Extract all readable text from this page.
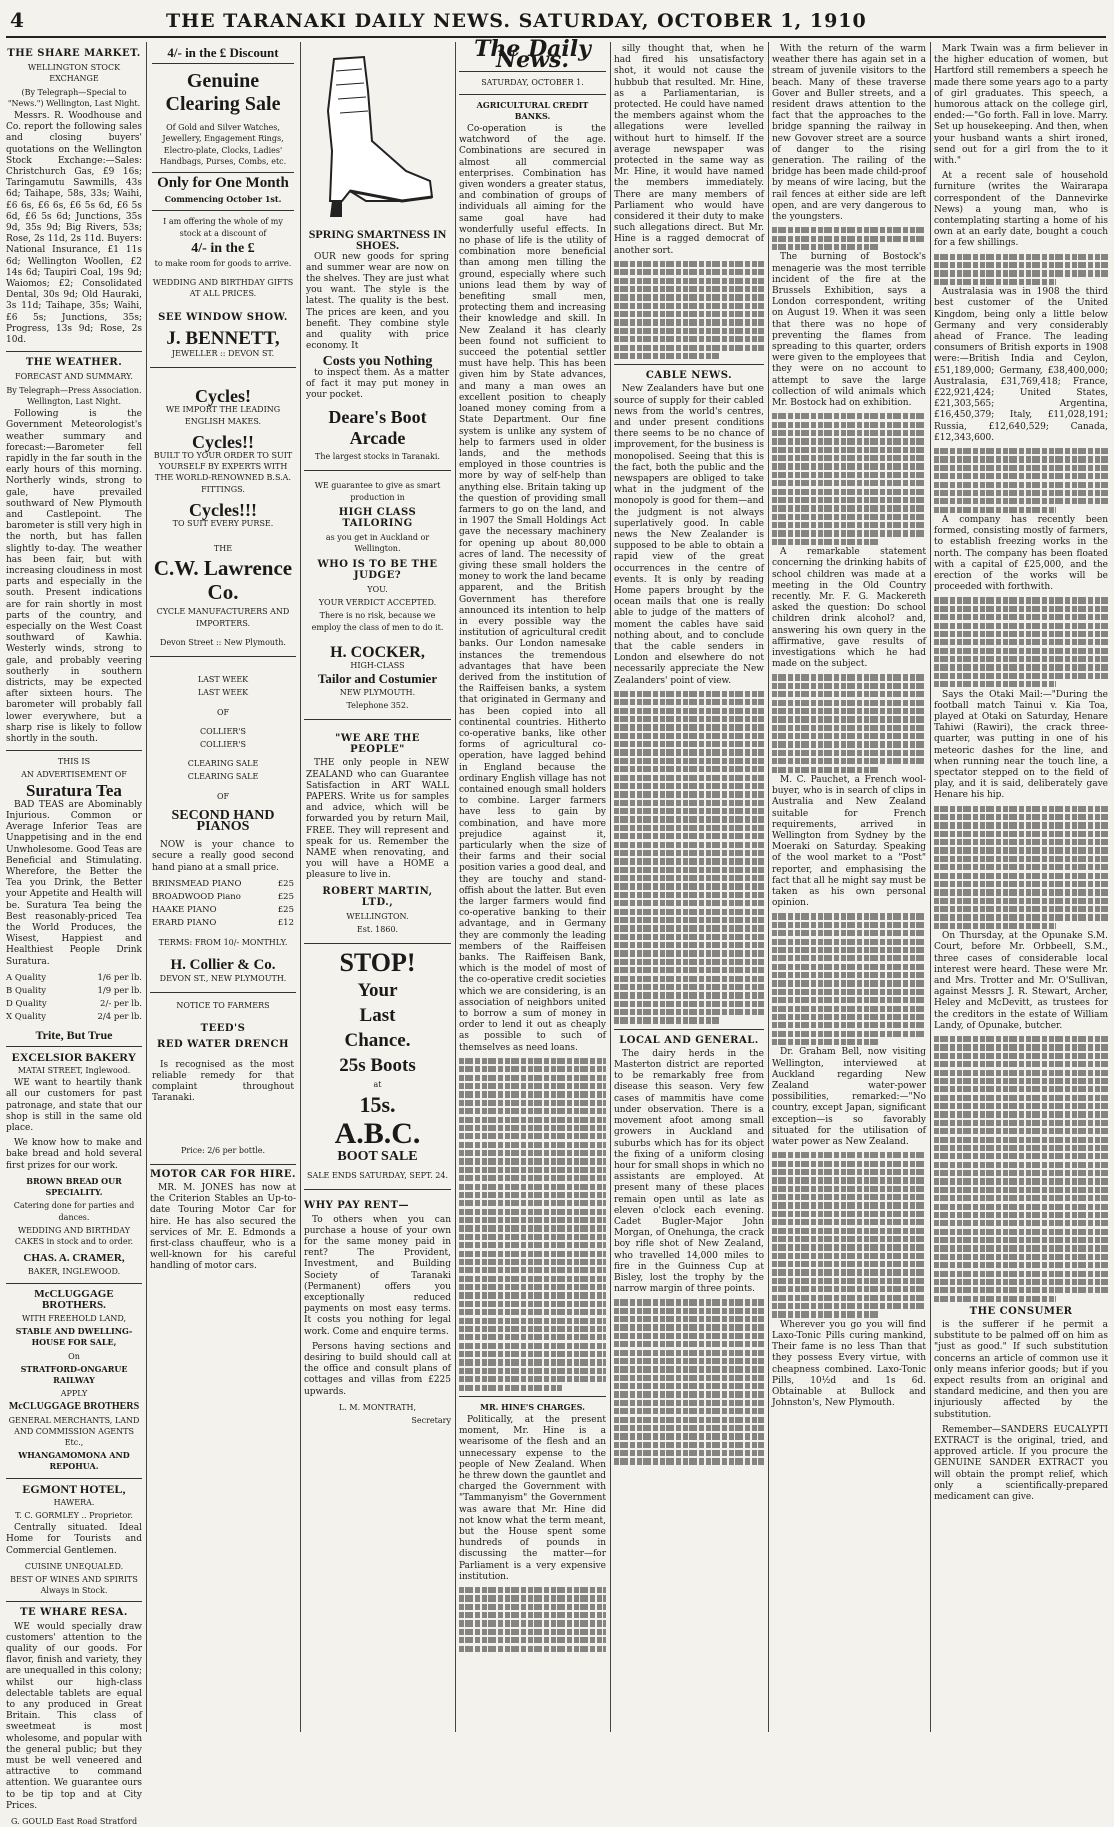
4	THE TARANAKI DAILY NEWS. SATURDAY, OCTOBER 1, 1910
THE SHARE MARKET.
WELLINGTON STOCK EXCHANGE
(By Telegraph—Special to "News.") Wellington, Last Night.

Messrs. R. Woodhouse and Co. report the following sales and closing buyers' quotations on the Wellington Stock Exchange:—Sales: Christchurch Gas, £9 16s; Taringamutu Sawmills, 43s 6d; Taihape, 58s, 33s; Waihi, £6 6s, £6 6s, £6 5s 6d, £6 5s 6d, £6 5s 6d; Junctions, 35s 9d, 35s 9d; Big Rivers, 53s; Rose, 2s 11d, 2s 11d. Buyers: National Insurance, £1 11s 6d; Wellington Woollen, £2 14s 6d; Taupiri Coal, 19s 9d; Waiomos; £2; Consolidated Dental, 30s 9d; Old Hauraki, 3s 11d; Taihape, 35s; Waihi, £6 5s; Junctions, 35s; Progress, 13s 9d; Rose, 2s 10d.

THE WEATHER.
FORECAST AND SUMMARY.
By Telegraph—Press Association. Wellington, Last Night.

Following is the Government Meteorologist's weather summary and forecast:—Barometer fell rapidly in the far south in the early hours of this morning. Northerly winds, strong to gale, have prevailed southward of New Plymouth and Castlepoint. The barometer is still very high in the north, but has fallen slightly to-day. The weather has been fair, but with increasing cloudiness in most parts and especially in the south. Present indications are for rain shortly in most parts of the country, and especially on the West Coast southward of Kawhia. Westerly winds, strong to gale, and probably veering southerly in southern districts, may be expected after sixteen hours. The barometer will probably fall lower everywhere, but a sharp rise is likely to follow shortly in the south.

THIS IS
AN ADVERTISEMENT OF
Suratura Tea

BAD TEAS are Abominably Injurious. Common or Average Inferior Teas are Unappetising and in the end Unwholesome. Good Teas are Beneficial and Stimulating. Wherefore, the Better the Tea you Drink, the Better your Appetite and Health will be. Suratura Tea being the Best reasonably-priced Tea the World Produces, the Wisest, Happiest and Healthiest People Drink Suratura.

A Quality	1/6 per lb.
B Quality	1/9 per lb.
D Quality	2/- per lb.
X Quality	2/4 per lb.
Trite, But True
EXCELSIOR BAKERY
MATAI STREET, Inglewood.

WE want to heartily thank all our customers for past patronage, and state that our shop is still in the same old place.

We know how to make and bake bread and hold several first prizes for our work.

BROWN BREAD OUR SPECIALITY.
Catering done for parties and dances.
WEDDING AND BIRTHDAY CAKES in stock and to order.
CHAS. A. CRAMER,
BAKER, INGLEWOOD.
McCLUGGAGE BROTHERS.
WITH FREEHOLD LAND,
STABLE AND DWELLING-HOUSE FOR SALE,
On
STRATFORD-ONGARUE RAILWAY
APPLY
McCLUGGAGE BROTHERS
GENERAL MERCHANTS, LAND AND COMMISSION AGENTS Etc.,
WHANGAMOMONA AND REPOHUA.
EGMONT HOTEL,
HAWERA.
T. C. GORMLEY .. Proprietor.

Centrally situated. Ideal Home for Tourists and Commercial Gentlemen.

CUISINE UNEQUALED.
BEST OF WINES AND SPIRITS Always in Stock.
TE WHARE RESA.

WE would specially draw customers' attention to the quality of our goods. For flavor, finish and variety, they are unequalled in this colony; whilst our high-class delectable tablets are equal to any produced in Great Britain. This class of sweetmeat is most wholesome, and popular with the general public; but they must be well veneered and attractive to command attention. We guarantee ours to be tip top and at City Prices.

G. GOULD East Road Stratford
4/- in the £ Discount
Genuine Clearing Sale
Of Gold and Silver Watches, Jewellery, Engagement Rings, Electro-plate, Clocks, Ladies' Handbags, Purses, Combs, etc.
Only for One Month
Commencing October 1st.
I am offering the whole of my stock at a discount of
4/- in the £
to make room for goods to arrive.
WEDDING AND BIRTHDAY GIFTS AT ALL PRICES.
SEE WINDOW SHOW.
J. BENNETT,
JEWELLER :: DEVON ST.
Cycles!
WE IMPORT THE LEADING ENGLISH MAKES.
Cycles!!
BUILT TO YOUR ORDER TO SUIT YOURSELF BY EXPERTS WITH THE WORLD-RENOWNED B.S.A. FITTINGS.
Cycles!!!
TO SUIT EVERY PURSE.
THE
C.W. Lawrence Co.
CYCLE MANUFACTURERS AND IMPORTERS.
Devon Street :: New Plymouth.
LAST WEEK
LAST WEEK
OF
COLLIER'S
COLLIER'S
CLEARING SALE
CLEARING SALE
OF
SECOND HAND PIANOS

NOW is your chance to secure a really good second hand piano at a small price.

BRINSMEAD PIANO	£25
BROADWOOD Piano	£25
HAAKE PIANO	£25
ERARD PIANO	£12
TERMS: FROM 10/- MONTHLY.
H. Collier & Co.
DEVON ST., NEW PLYMOUTH.
NOTICE TO FARMERS
TEED'S
RED WATER DRENCH

Is recognised as the most reliable remedy for that complaint throughout Taranaki.

Price: 2/6 per bottle.
MOTOR CAR FOR HIRE.

MR. M. JONES has now at the Criterion Stables an Up-to-date Touring Motor Car for hire. He has also secured the services of Mr. E. Edmonds a first-class chauffeur, who is a well-known for his careful handling of motor cars.

SPRING SMARTNESS IN SHOES.

OUR new goods for spring and summer wear are now on the shelves. They are just what you want. The style is the latest. The quality is the best. The prices are keen, and you benefit. They combine style and quality with price economy. It

Costs you Nothing

to inspect them. As a matter of fact it may put money in your pocket.

Deare's Boot Arcade
The largest stocks in Taranaki.
WE guarantee to give as smart production in
HIGH CLASS TAILORING
as you get in Auckland or Wellington.
WHO IS TO BE THE JUDGE?
YOU.
YOUR VERDICT ACCEPTED.
There is no risk, because we employ the class of men to do it.
H. COCKER,
HIGH-CLASS
Tailor and Costumier
NEW PLYMOUTH.
Telephone 352.
"WE ARE THE PEOPLE"

THE only people in NEW ZEALAND who can Guarantee Satisfaction in ART WALL PAPERS. Write us for samples and advice, which will be forwarded you by return Mail, FREE. They will represent and speak for us. Remember the NAME when renovating, and you will have a HOME a pleasure to live in.

ROBERT MARTIN, LTD.,
WELLINGTON.
Est. 1860.
STOP!
Your
Last
Chance.
25s Boots
at
15s.
A.B.C.
BOOT SALE
SALE ENDS SATURDAY, SEPT. 24.
WHY PAY RENT—

To others when you can purchase a house of your own for the same money paid in rent? The Provident, Investment, and Building Society of Taranaki (Permanent) offers you exceptionally reduced payments on most easy terms. It costs you nothing for legal work. Come and enquire terms.

Persons having sections and desiring to build should call at the office and consult plans of cottages and villas from £225 upwards.

L. M. MONTRATH,
Secretary
The Daily News.
SATURDAY, OCTOBER 1.
AGRICULTURAL CREDIT BANKS.

Co-operation is the watchword of the age. Combinations are secured in almost all commercial enterprises. Combination has given wonders a greater status, and combination of groups of individuals all aiming for the same goal have had wonderfully useful effects. In no phase of life is the utility of combination more beneficial than among men tilling the ground, especially where such unions lead them by way of benefiting small men, protecting them and increasing their knowledge and skill. In New Zealand it has clearly been found not sufficient to succeed the potential settler must have help. This has been given him by State advances, and many a man owes an excellent position to cheaply loaned money coming from a State Department. Our fine system is unlike any system of help to farmers used in older lands, and the methods employed in those countries is more by way of self-help than anything else. Britain taking up the question of providing small farmers to go on the land, and in 1907 the Small Holdings Act gave the necessary machinery for opening up about 80,000 acres of land. The necessity of giving these small holders the money to work the land became apparent, and the British Government has therefore announced its intention to help in every possible way the institution of agricultural credit banks. Our London namesake instances the tremendous advantages that have been derived from the institution of the Raiffeisen banks, a system that originated in Germany and has been copied into all continental countries. Hitherto co-operative banks, like other forms of agricultural co-operation, have lagged behind in England because the ordinary English village has not contained enough small holders to combine. Larger farmers have less to gain by combination, and have more prejudice against it, particularly when the size of their farms and their social position varies a good deal, and they are touchy and stand-offish about the latter. But even the larger farmers would find co-operative banking to their advantage, and in Germany they are commonly the leading members of the Raiffeisen banks. The Raiffeisen Bank, which is the model of most of the co-operative credit societies which we are considering, is an association of neighbors united to borrow a sum of money in order to lend it out as cheaply as possible to such of themselves as need loans.

MR. HINE'S CHARGES.

Politically, at the present moment, Mr. Hine is a wearisome of the flesh and an unnecessary expense to the people of New Zealand. When he threw down the gauntlet and charged the Government with "Tammanyism" the Government was aware that Mr. Hine did not know what the term meant, but the House spent some hundreds of pounds in discussing the matter—for Parliament is a very expensive institution.

silly thought that, when he had fired his unsatisfactory shot, it would not cause the hubbub that resulted. Mr. Hine, as a Parliamentarian, is protected. He could have named the members against whom the allegations were levelled without hurt to himself. If the average newspaper was protected in the same way as Mr. Hine, it would have named the members immediately. There are many members of Parliament who would have considered it their duty to make such allegations direct. But Mr. Hine is a ragged democrat of another sort.

CABLE NEWS.

New Zealanders have but one source of supply for their cabled news from the world's centres, and under present conditions there seems to be no chance of improvement, for the business is monopolised. Seeing that this is the fact, both the public and the newspapers are obliged to take what in the judgment of the monopoly is good for them—and the judgment is not always superlatively good. In cable news the New Zealander is supposed to be able to obtain a rapid view of the great occurrences in the centre of events. It is only by reading Home papers brought by the ocean mails that one is really able to judge of the matters of moment the cables have said nothing about, and to conclude that the cable senders in London and elsewhere do not necessarily appreciate the New Zealanders' point of view.

LOCAL AND GENERAL.

The dairy herds in the Masterton district are reported to be remarkably free from disease this season. Very few cases of mammitis have come under observation. There is a movement afoot among small growers in Auckland and suburbs which has for its object the fixing of a uniform closing hour for small shops in which no assistants are employed. At present many of these places remain open until as late as eleven o'clock each evening. Cadet Bugler-Major John Morgan, of Onehunga, the crack boy rifle shot of New Zealand, who travelled 14,000 miles to fire in the Guinness Cup at Bisley, lost the trophy by the narrow margin of three points.

With the return of the warm weather there has again set in a stream of juvenile visitors to the beach. Many of these traverse Gover and Buller streets, and a resident draws attention to the fact that the approaches to the bridge spanning the railway in new Govover street are a source of danger to the rising generation. The railing of the bridge has been made child-proof by means of wire lacing, but the rail fences at either side are left open, and are very dangerous to the youngsters.

The burning of Bostock's menagerie was the most terrible incident of the fire at the Brussels Exhibition, says a London correspondent, writing on August 19. When it was seen that there was no hope of preventing the flames from spreading to this quarter, orders were given to the employees that they were on no account to attempt to save the large collection of wild animals which Mr. Bostock had on exhibition.

A remarkable statement concerning the drinking habits of school children was made at a meeting in the Old Country recently. Mr. F. G. Mackereth asked the question: Do school children drink alcohol? and, answering his own query in the affirmative, gave results of investigations which he had made on the subject.

M. C. Pauchet, a French wool-buyer, who is in search of clips in Australia and New Zealand suitable for French requirements, arrived in Wellington from Sydney by the Moeraki on Saturday. Speaking of the wool market to a "Post" reporter, and emphasising the fact that all he might say must be taken as his own personal opinion.

Dr. Graham Bell, now visiting Wellington, interviewed at Auckland regarding New Zealand water-power possibilities, remarked:—"No country, except Japan, significant exception—is so favorably situated for the utilisation of water power as New Zealand.

Wherever you go you will find Laxo-Tonic Pills curing mankind, Their fame is no less Than that they possess Every virtue, with cheapness combined. Laxo-Tonic Pills, 10½d and 1s 6d. Obtainable at Bullock and Johnston's, New Plymouth.

Mark Twain was a firm believer in the higher education of women, but Hartford still remembers a speech he made there some years ago to a party of girl graduates. This speech, a humorous attack on the college girl, ended:—"Go forth. Fall in love. Marry. Set up housekeeping. And then, when your husband wants a shirt ironed, send out for a girl from the to it with."

At a recent sale of household furniture (writes the Wairarapa correspondent of the Dannevirke News) a young man, who is contemplating starting a home of his own at an early date, bought a couch for a few shillings.

Australasia was in 1908 the third best customer of the United Kingdom, being only a little below Germany and very considerably ahead of France. The leading consumers of British exports in 1908 were:—British India and Ceylon, £51,189,000; Germany, £38,400,000; Australasia, £31,769,418; France, £22,921,424; United States, £21,303,565; Argentina, £16,450,379; Italy, £11,028,191; Russia, £12,640,529; Canada, £12,343,600.

A company has recently been formed, consisting mostly of farmers, to establish freezing works in the north. The company has been floated with a capital of £25,000, and the erection of the works will be proceeded with forthwith.

Says the Otaki Mail:—"During the football match Tainui v. Kia Toa, played at Otaki on Saturday, Henare Tahiwi (Rawiri), the crack three-quarter, was putting in one of his meteoric dashes for the line, and when running near the touch line, a spectator stepped on to the field of play, and it is said, deliberately gave Henare his hip.

On Thursday, at the Opunake S.M. Court, before Mr. Orbbeell, S.M., three cases of considerable local interest were heard. These were Mr. and Mrs. Trotter and Mr. O'Sullivan, against Messrs J. R. Stewart, Archer, Heley and McDevitt, as trustees for the creditors in the estate of William Landy, of Opunake, butcher.

THE CONSUMER

is the sufferer if he permit a substitute to be palmed off on him as "just as good." If such substitution concerns an article of common use it only means inferior goods; but if you expect results from an original and standard medicine, and then you are injuriously affected by the substitution.

Remember—SANDERS EUCALYPTI EXTRACT is the original, tried, and approved article. If you procure the GENUINE SANDER EXTRACT you will obtain the prompt relief, which only a scientifically-prepared medicament can give.
